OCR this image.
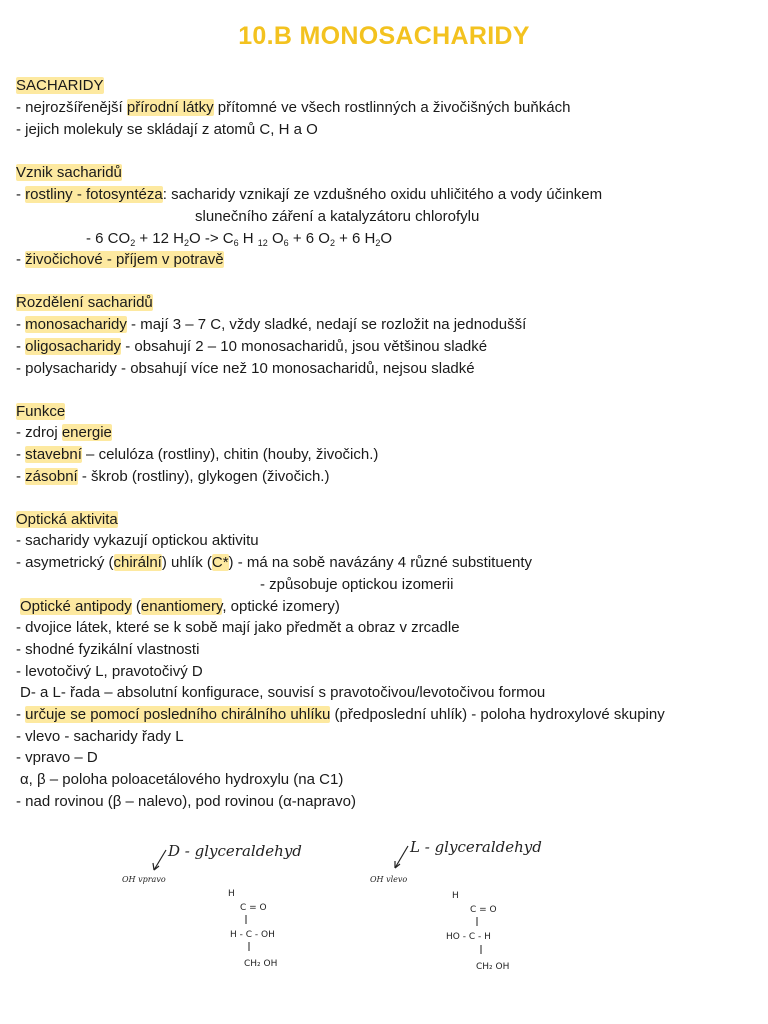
10.B MONOSACHARIDY
SACHARIDY
- nejrozšířenější přírodní látky přítomné ve všech rostlinných a živočišných buňkách
- jejich molekuly se skládají z atomů C, H a O
Vznik sacharidů
- rostliny - fotosyntéza: sacharidy vznikají ze vzdušného oxidu uhličitého a vody účinkem
slunečního záření a katalyzátoru chlorofylu
- 6 $CO_2 + 12$ $H_2O -> C_6$ H $_{12}$ $O_6 + 6$ $O_2 + 6$ $H_2O$
- živočichové - příjem v potravě
Rozdělení sacharidů
- monosacharidy - mají 3 – 7 C, vždy sladké, nedají se rozložit na jednodušší
- oligosacharidy - obsahují 2 – 10 monosacharidů, jsou většinou sladké
- polysacharidy - obsahují více než 10 monosacharidů, nejsou sladké
Funkce
- zdroj energie
- stavební – celulóza (rostliny), chitin (houby, živočich.)
- zásobní - škrob (rostliny), glykogen (živočich.)
Optická aktivita
- sacharidy vykazují optickou aktivitu
- asymetrický (chirální) uhlík (C*) - má na sobě navázány 4 různé substituenty
- způsobuje optickou izomerii
Optické antipody (enantiomery, optické izomery)
- dvojice látek, které se k sobě mají jako předmět a obraz v zrcadle
- shodné fyzikální vlastnosti
- levotočivý L, pravotočivý D
D- a L- řada – absolutní konfigurace, souvisí s pravotočivou/levotočivou formou
- určuje se pomocí posledního chirálního uhlíku (předposlední uhlík) - poloha hydroxylové skupiny
- vlevo - sacharidy řady L
- vpravo – D
α, β – poloha poloacetálového hydroxylu (na C1)
- nad rovinou (β – nalevo), pod rovinou (α-napravo)
D - glyceraldehyd
OH vpravo
H
C = O
H - C - OH
CH₂ OH
L - glyceraldehyd
OH vlevo
H
C = O
HO - C - H
CH₂ OH
